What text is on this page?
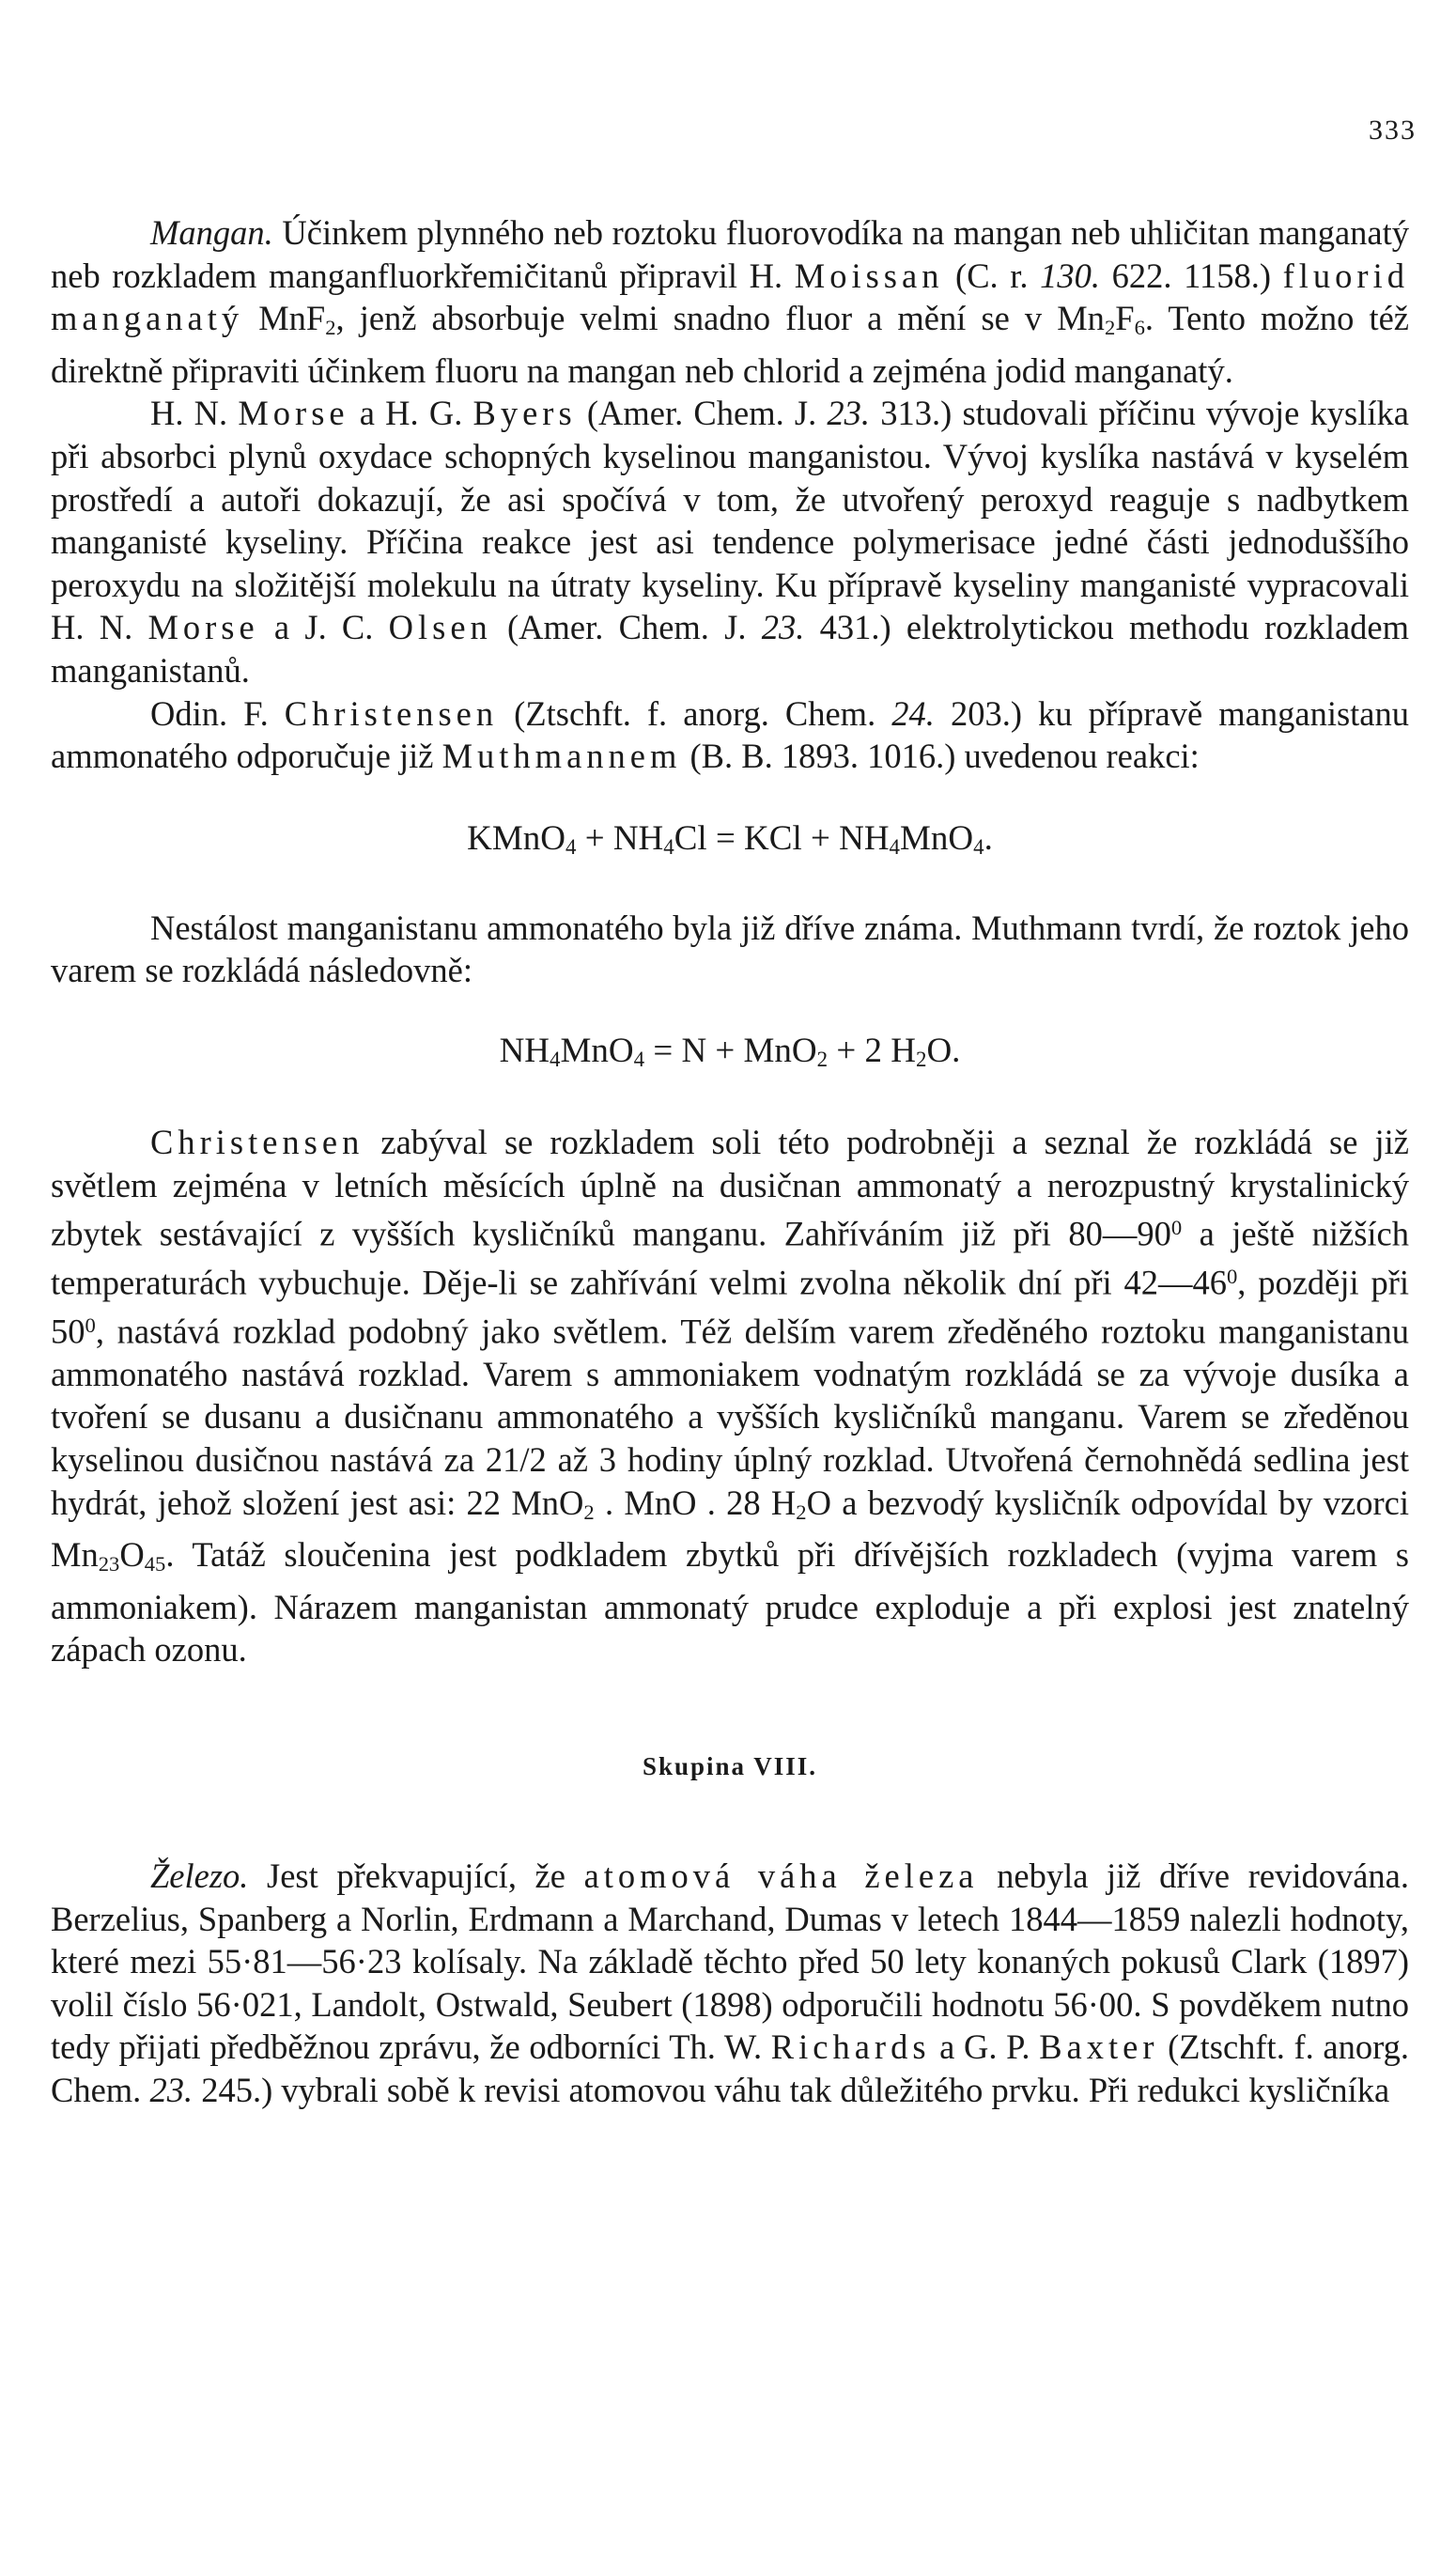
333

Mangan. Účinkem plynného neb roztoku fluorovodíka na mangan neb uhličitan manganatý neb rozkladem manganfluorkřemičitanů připravil H. Moissan (C. r. 130. 622. 1158.) fluorid manganatý MnF$_2$, jenž absorbuje velmi snadno fluor a mění se v $Mn_2F_6$. Tento možno též direktně připraviti účinkem fluoru na mangan neb chlorid a zejména jodid manganatý.

H. N. Morse a H. G. Byers (Amer. Chem. J. 23. 313.) studovali příčinu vývoje kyslíka při absorbci plynů oxydace schopných kyselinou manganistou. Vývoj kyslíka nastává v kyselém prostředí a autoři dokazují, že asi spočívá v tom, že utvořený peroxyd reaguje s nadbytkem manganisté kyseliny. Příčina reakce jest asi tendence polymerisace jedné části jednoduššího peroxydu na složitější molekulu na útraty kyseliny. Ku přípravě kyseliny manganisté vypracovali H. N. Morse a J. C. Olsen (Amer. Chem. J. 23. 431.) elektrolytickou methodu rozkladem manganistanů.

Odin. F. Christensen (Ztschft. f. anorg. Chem. 24. 203.) ku přípravě manganistanu ammonatého odporučuje již Muthmannem (B. B. 1893. 1016.) uvedenou reakci:

KMnO$_4$ + $NH_4Cl$ = KCl + $NH_4MnO_4$.

Nestálost manganistanu ammonatého byla již dříve známa. Muthmann tvrdí, že roztok jeho varem se rozkládá následovně:

$NH_4MnO_4 = N + MnO_2 + 2$ $H_2O$.

Christensen zabýval se rozkladem soli této podrobněji a seznal že rozkládá se již světlem zejména v letních měsících úplně na dusičnan ammonatý a nerozpustný krystalinický zbytek sestávající z vyšších kysličníků manganu. Zahříváním již při $80—90^0$ a ještě nižších temperaturách vybuchuje. Děje-li se zahřívání velmi zvolna několik dní při $42—46^0$, později při $50^0$, nastává rozklad podobný jako světlem. Též delším varem zředěného roztoku manganistanu ammonatého nastává rozklad. Varem s ammoniakem vodnatým rozkládá se za vývoje dusíka a tvoření se dusanu a dusičnanu ammonatého a vyšších kysličníků manganu. Varem se zředěnou kyselinou dusičnou nastává za 21/2 až 3 hodiny úplný rozklad. Utvořená černohnědá sedlina jest hydrát, jehož složení jest asi: 22 MnO$_2$ . MnO . 28 $H_2O$ a bezvodý kysličník odpovídal by vzorci $Mn_{23}O_{45}$. Tatáž sloučenina jest podkladem zbytků při dřívějších rozkladech (vyjma varem s ammoniakem). Nárazem manganistan ammonatý prudce exploduje a při explosi jest znatelný zápach ozonu.

Skupina VIII.

Železo. Jest překvapující, že atomová váha železa nebyla již dříve revidována. Berzelius, Spanberg a Norlin, Erdmann a Marchand, Dumas v letech 1844—1859 nalezli hodnoty, které mezi 55·81—56·23 kolísaly. Na základě těchto před 50 lety konaných pokusů Clark (1897) volil číslo 56·021, Landolt, Ostwald, Seubert (1898) odporučili hodnotu 56·00. S povděkem nutno tedy přijati předběžnou zprávu, že odborníci Th. W. Richards a G. P. Baxter (Ztschft. f. anorg. Chem. 23. 245.) vybrali sobě k revisi atomovou váhu tak důležitého prvku. Při redukci kysličníka
